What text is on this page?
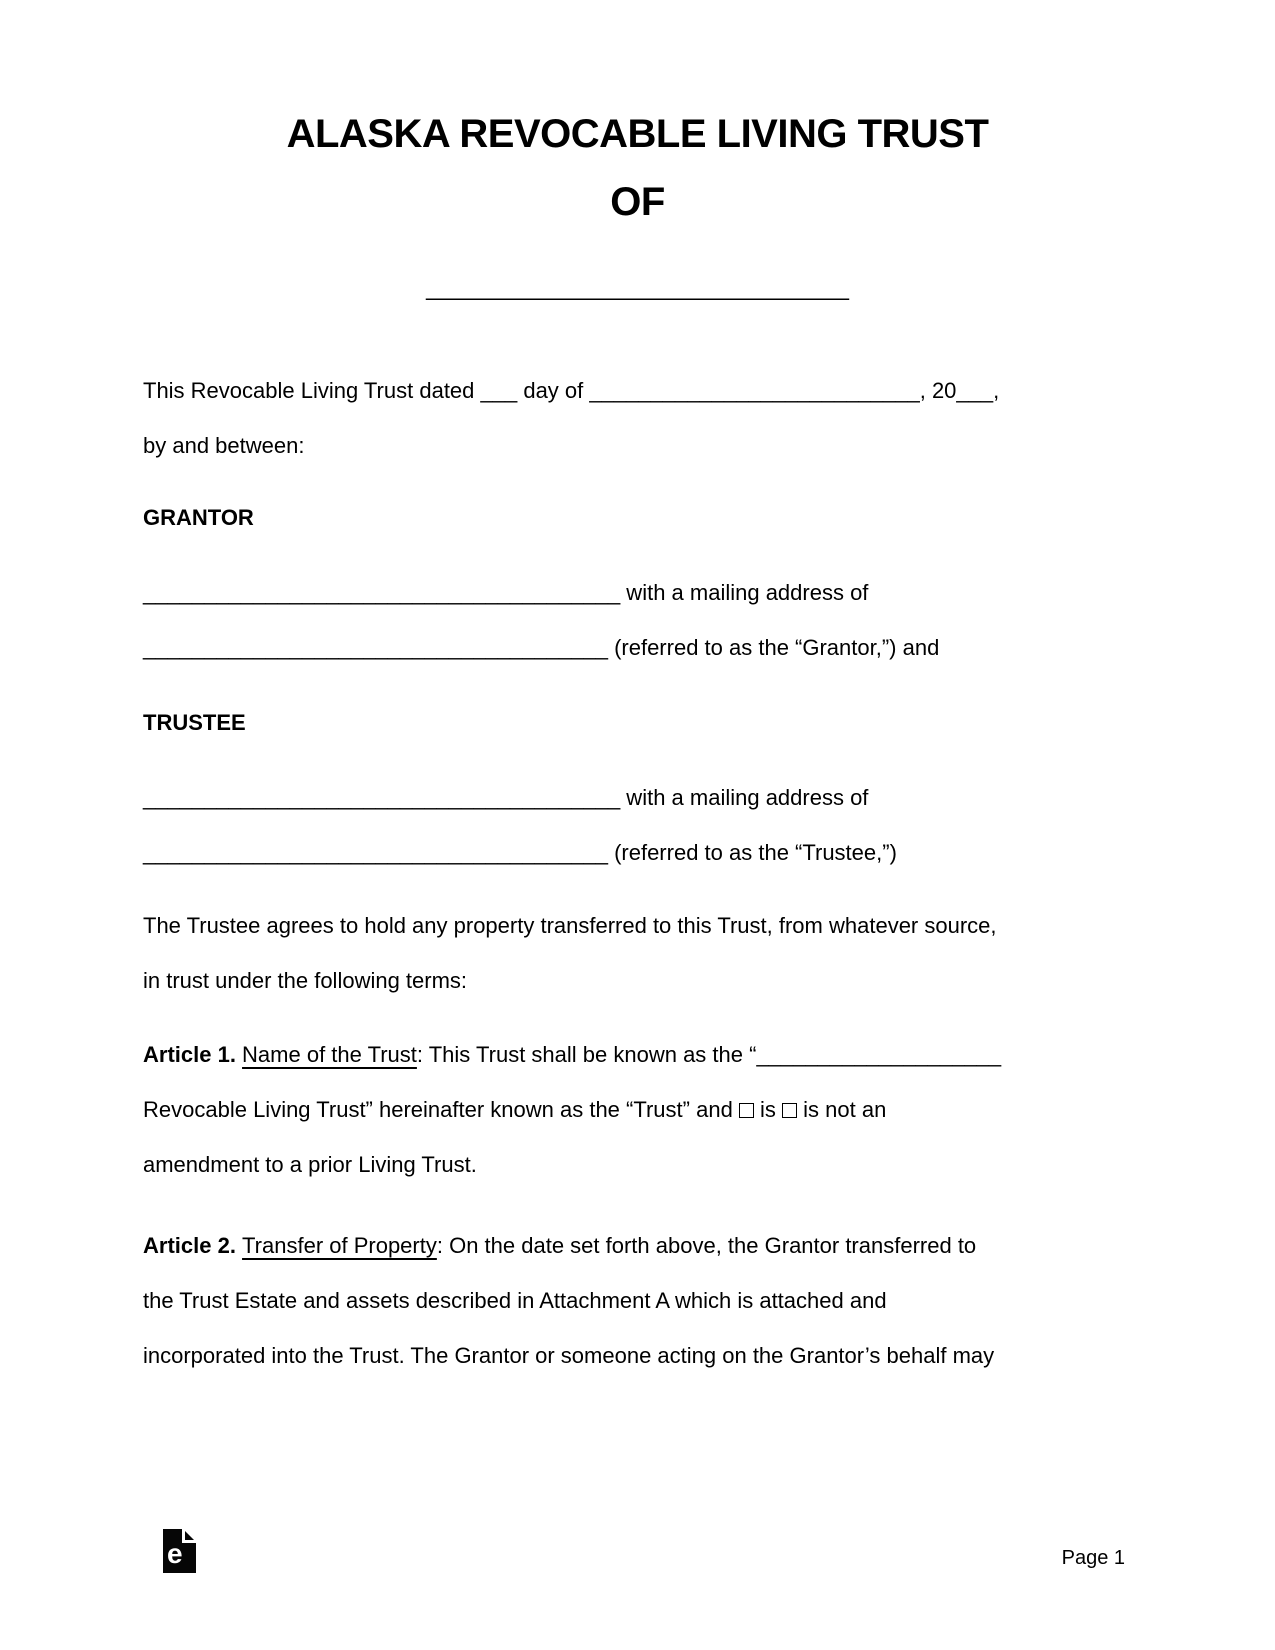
ALASKA REVOCABLE LIVING TRUST
OF
___________________
This Revocable Living Trust dated ___ day of ___________________________, 20___,
by and between:
GRANTOR
_______________________________________ with a mailing address of
______________________________________ (referred to as the “Grantor,”) and
TRUSTEE
_______________________________________ with a mailing address of
______________________________________ (referred to as the “Trustee,”)
The Trustee agrees to hold any property transferred to this Trust, from whatever source,
in trust under the following terms:
Article 1. Name of the Trust: This Trust shall be known as the “____________________
Revocable Living Trust” hereinafter known as the “Trust” and  is  is not an
amendment to a prior Living Trust.
Article 2. Transfer of Property: On the date set forth above, the Grantor transferred to
the Trust Estate and assets described in Attachment A which is attached and
incorporated into the Trust. The Grantor or someone acting on the Grantor’s behalf may
e	Page 1
